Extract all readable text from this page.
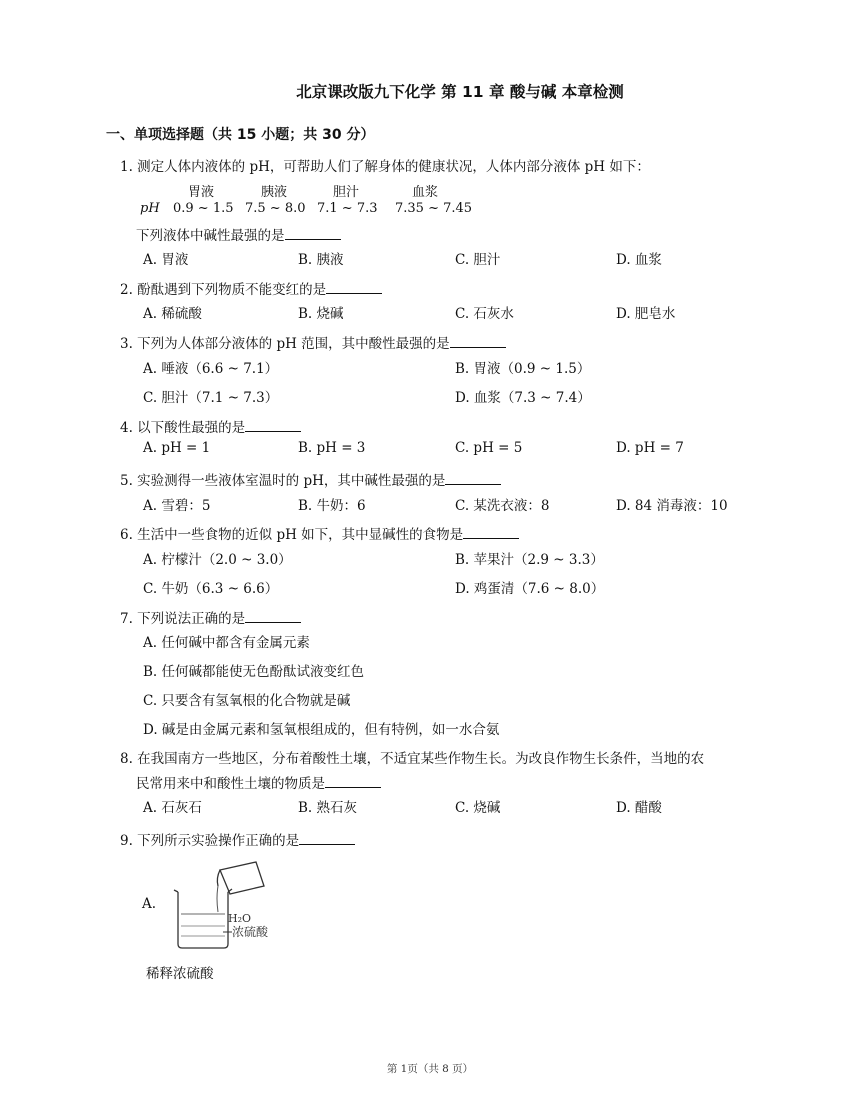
北京课改版九下化学 第 11 章 酸与碱 本章检测
一、单项选择题（共 15 小题；共 30 分）
1. 测定人体内液体的 pH，可帮助人们了解身体的健康状况，人体内部分液体 pH 如下：
胃液	胰液	胆汁	血浆
pH 0.9 ~ 1.5 7.5 ~ 8.0 7.1 ~ 7.3 7.35 ~ 7.45
下列液体中碱性最强的是
A. 胃液	B. 胰液	C. 胆汁	D. 血浆
2. 酚酞遇到下列物质不能变红的是
A. 稀硫酸	B. 烧碱	C. 石灰水	D. 肥皂水
3. 下列为人体部分液体的 pH 范围，其中酸性最强的是
A. 唾液（6.6 ~ 7.1）	B. 胃液（0.9 ~ 1.5）
C. 胆汁（7.1 ~ 7.3）	D. 血浆（7.3 ~ 7.4）
4. 以下酸性最强的是
A. pH = 1	B. pH = 3	C. pH = 5	D. pH = 7
5. 实验测得一些液体室温时的 pH，其中碱性最强的是
A. 雪碧：5	B. 牛奶：6	C. 某洗衣液：8	D. 84 消毒液：10
6. 生活中一些食物的近似 pH 如下，其中显碱性的食物是
A. 柠檬汁（2.0 ~ 3.0）	B. 苹果汁（2.9 ~ 3.3）
C. 牛奶（6.3 ~ 6.6）	D. 鸡蛋清（7.6 ~ 8.0）
7. 下列说法正确的是
A. 任何碱中都含有金属元素
B. 任何碱都能使无色酚酞试液变红色
C. 只要含有氢氧根的化合物就是碱
D. 碱是由金属元素和氢氧根组成的，但有特例，如一水合氨
8. 在我国南方一些地区，分布着酸性土壤，不适宜某些作物生长。为改良作物生长条件，当地的农
民常用来中和酸性土壤的物质是
A. 石灰石	B. 熟石灰	C. 烧碱	D. 醋酸
9. 下列所示实验操作正确的是
A.
H₂O
浓硫酸
稀释浓硫酸
第 1页（共 8 页）
